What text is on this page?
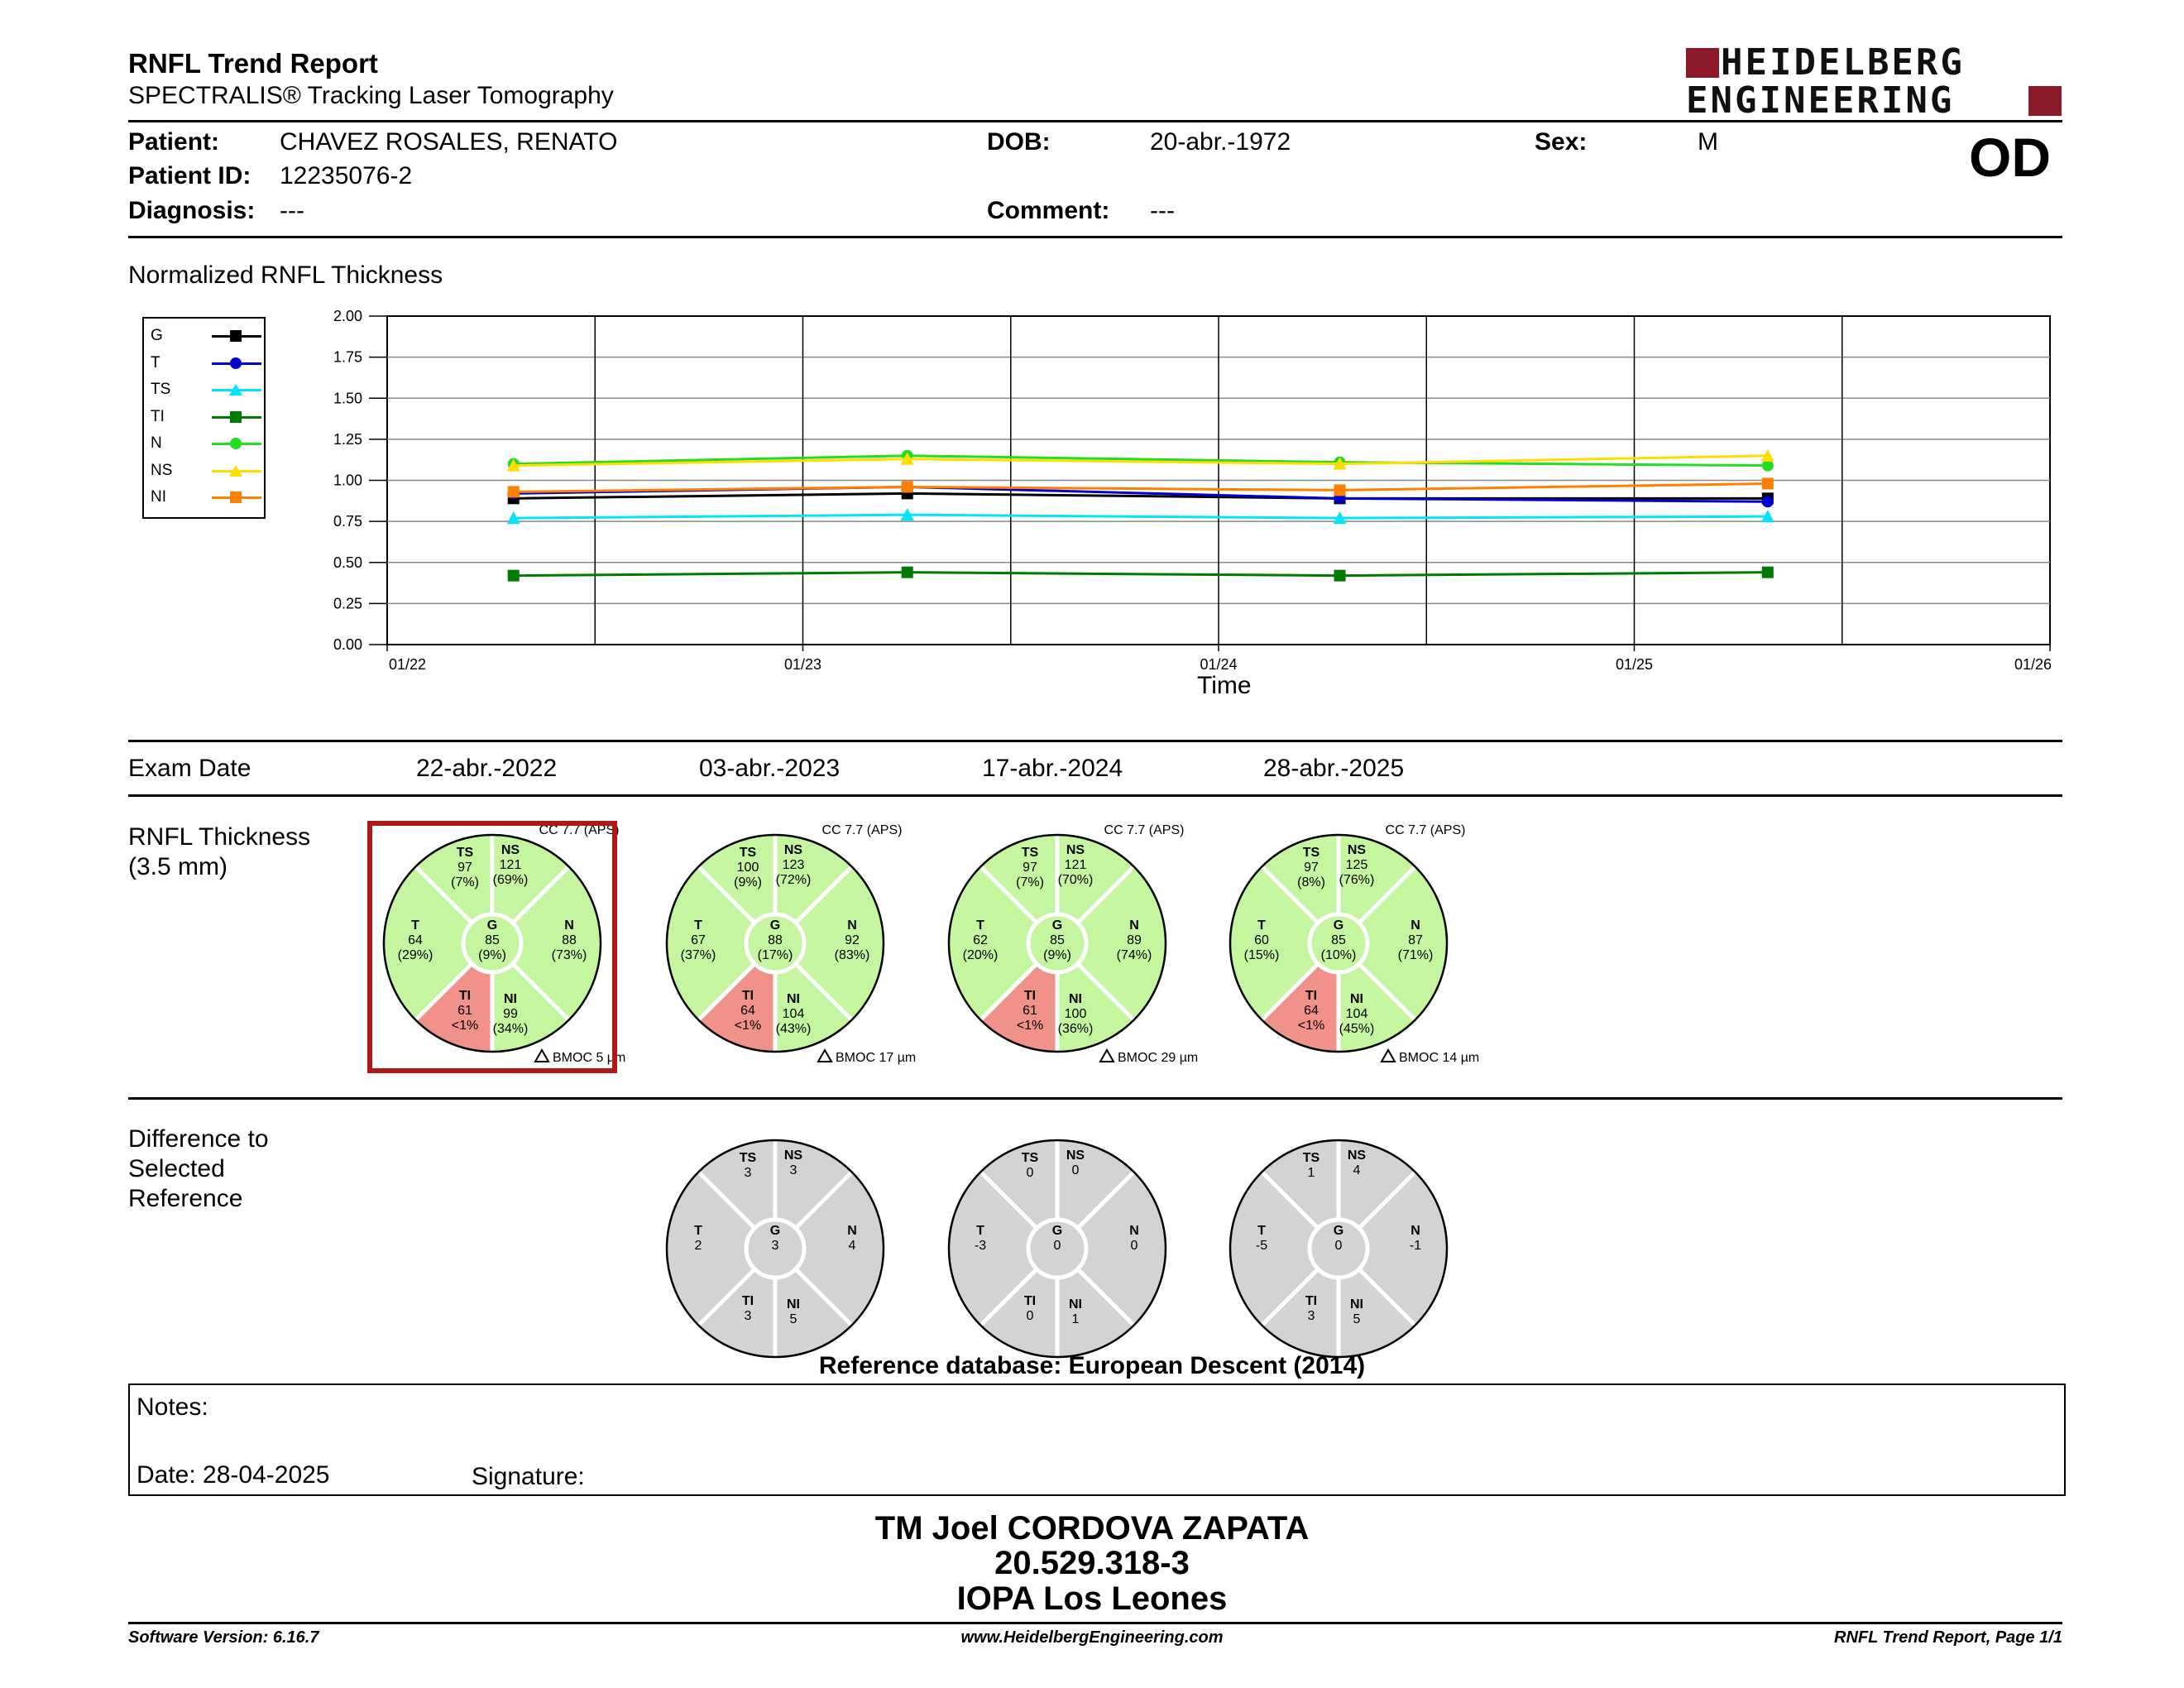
RNFL Trend Report
SPECTRALIS® Tracking Laser Tomography
HEIDELBERG
ENGINEERING
Patient: CHAVEZ ROSALES, RENATO
Patient ID: 12235076-2
Diagnosis: ---
DOB:	20-abr.-1972
Comment: ---
Sex:	M	OD
Normalized RNFL Thickness
G
T
TS
TI
N
NS
NI
0.00
0.25
0.50
0.75
1.00
1.25
1.50
1.75
2.00
01/22	01/23	01/24	01/25	01/26
Time
Exam Date	22-abr.-2022	03-abr.-2023	17-abr.-2024	28-abr.-2025
RNFL Thickness
(3.5 mm)
CC 7.7 (APS)
BMOC 5 µm
TS
97
(7%)
NS
121
(69%)
T
64
(29%)
G
85
(9%)
N
88
(73%)
TI
61
<1%
NI
99
(34%)
CC 7.7 (APS)
BMOC 17 µm
TS
100
(9%)
NS
123
(72%)
T
67
(37%)
G
88
(17%)
N
92
(83%)
TI
64
<1%
NI
104
(43%)
CC 7.7 (APS)
BMOC 29 µm
TS
97
(7%)
NS
121
(70%)
T
62
(20%)
G
85
(9%)
N
89
(74%)
TI
61
<1%
NI
100
(36%)
CC 7.7 (APS)
BMOC 14 µm
TS
97
(8%)
NS
125
(76%)
T
60
(15%)
G
85
(10%)
N
87
(71%)
TI
64
<1%
NI
104
(45%)
TS
3
NS
3
T
2
G
3
N
4
TI
3
NI
5
TS
0
NS
0
T
-3
G
0
N
0
TI
0
NI
1
TS
1
NS
4
T
-5
G
0
N
-1
TI
3
NI
5
Difference to
Selected
Reference
Reference database: European Descent (2014)
Notes:
Date: 28-04-2025	Signature:
TM Joel CORDOVA ZAPATA
20.529.318-3
IOPA Los Leones
Software Version: 6.16.7	www.HeidelbergEngineering.com	RNFL Trend Report, Page 1/1
